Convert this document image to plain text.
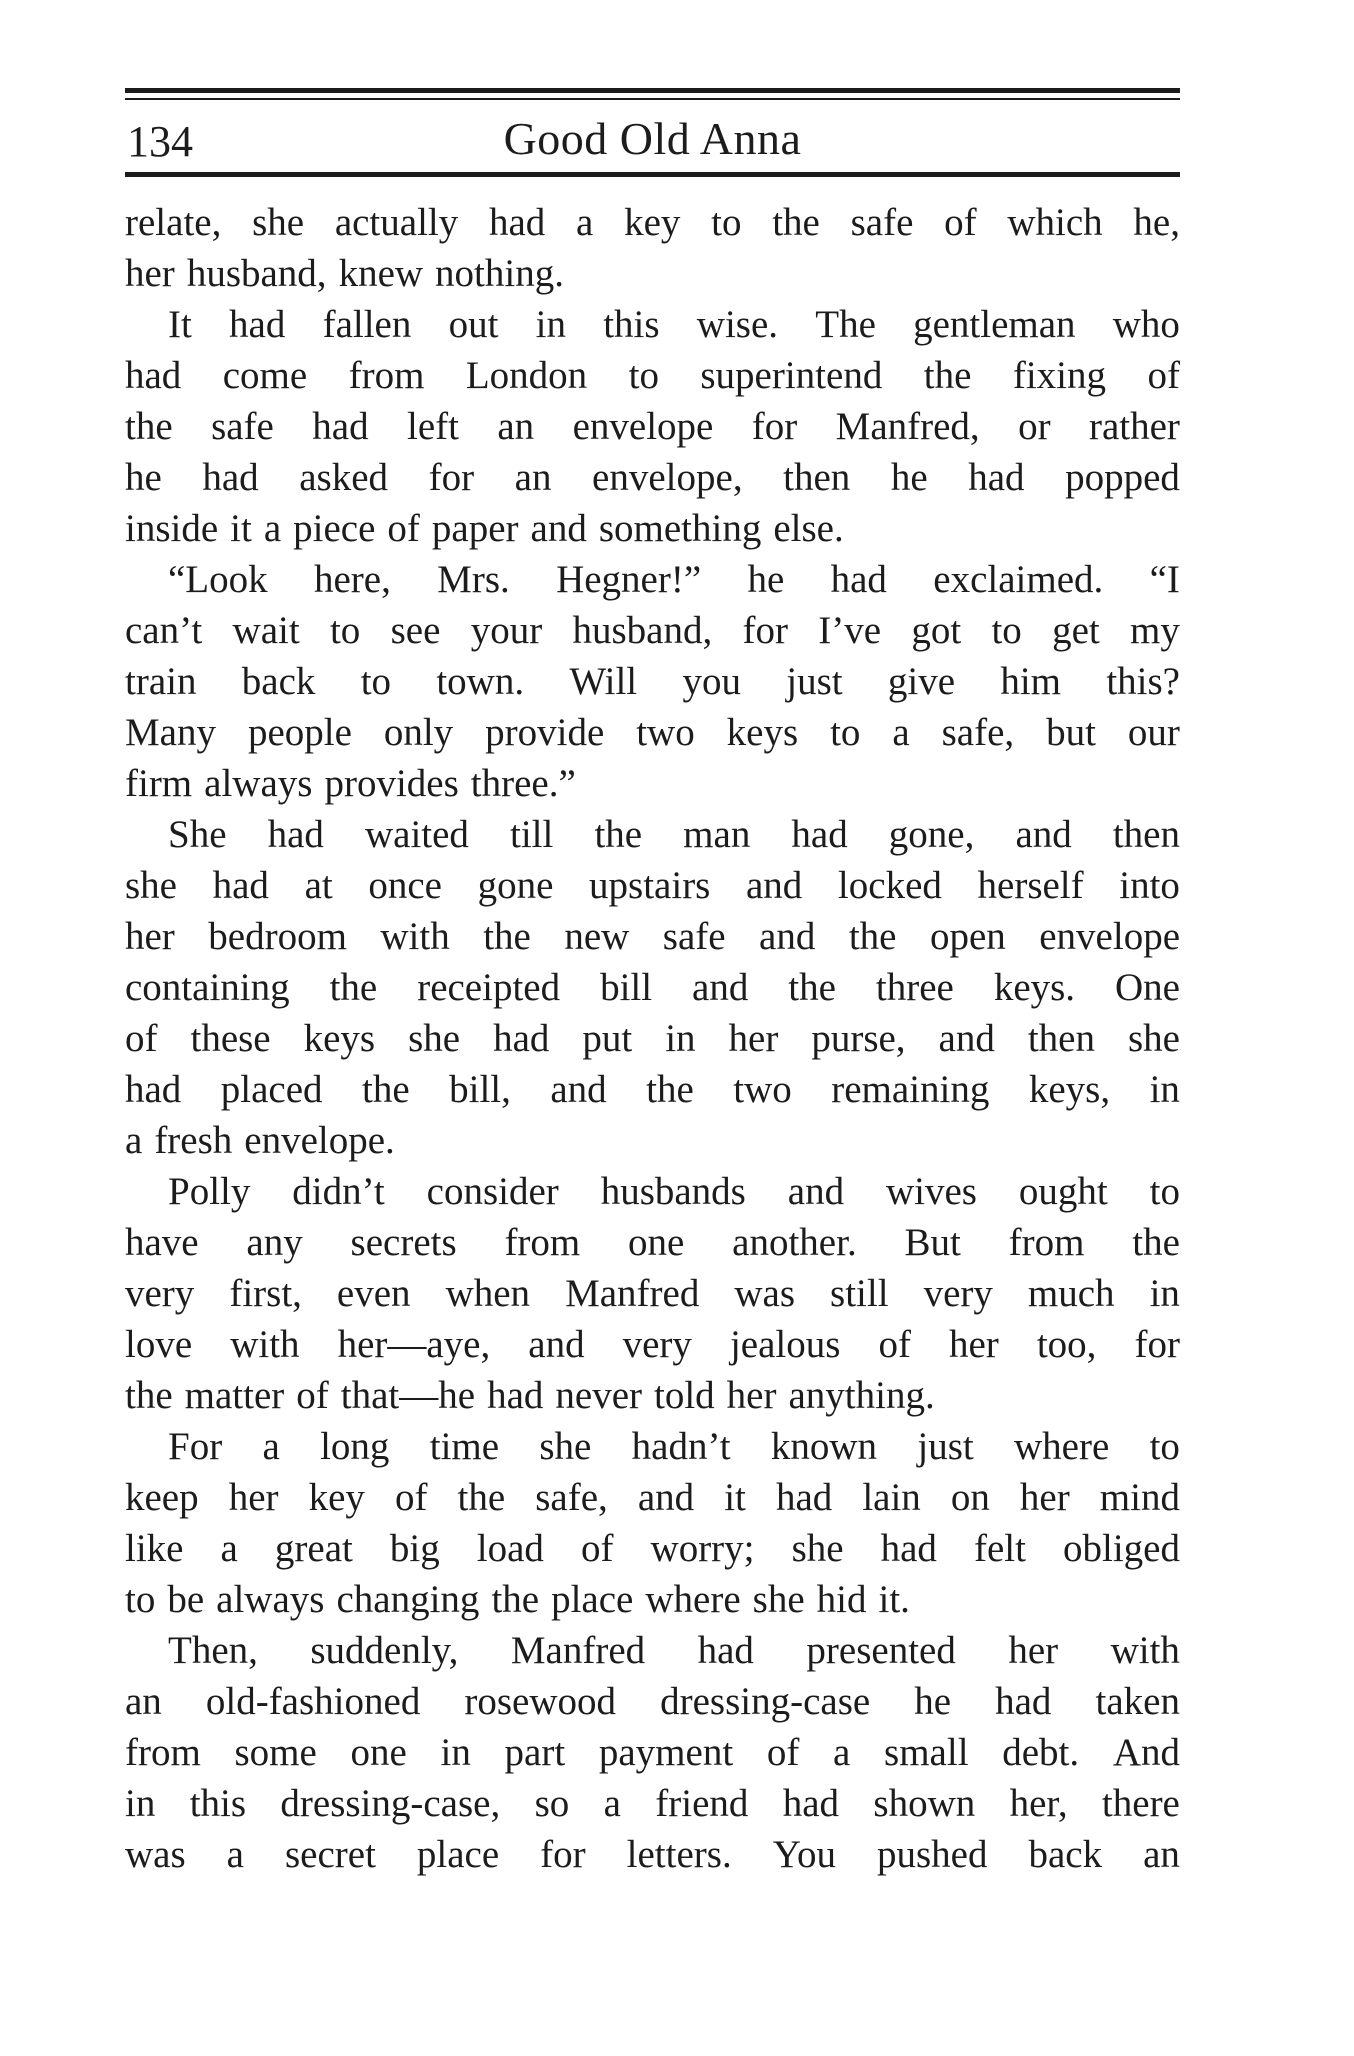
134	Good Old Anna
relate, she actually had a key to the safe of which he,
her husband, knew nothing.
It had fallen out in this wise. The gentleman who
had come from London to superintend the fixing of
the safe had left an envelope for Manfred, or rather
he had asked for an envelope, then he had popped
inside it a piece of paper and something else.
“Look here, Mrs. Hegner!” he had exclaimed. “I
can’t wait to see your husband, for I’ve got to get my
train back to town. Will you just give him this?
Many people only provide two keys to a safe, but our
firm always provides three.”
She had waited till the man had gone, and then
she had at once gone upstairs and locked herself into
her bedroom with the new safe and the open envelope
containing the receipted bill and the three keys. One
of these keys she had put in her purse, and then she
had placed the bill, and the two remaining keys, in
a fresh envelope.
Polly didn’t consider husbands and wives ought to
have any secrets from one another. But from the
very first, even when Manfred was still very much in
love with her—aye, and very jealous of her too, for
the matter of that—he had never told her anything.
For a long time she hadn’t known just where to
keep her key of the safe, and it had lain on her mind
like a great big load of worry; she had felt obliged
to be always changing the place where she hid it.
Then, suddenly, Manfred had presented her with
an old-fashioned rosewood dressing-case he had taken
from some one in part payment of a small debt. And
in this dressing-case, so a friend had shown her, there
was a secret place for letters. You pushed back an
